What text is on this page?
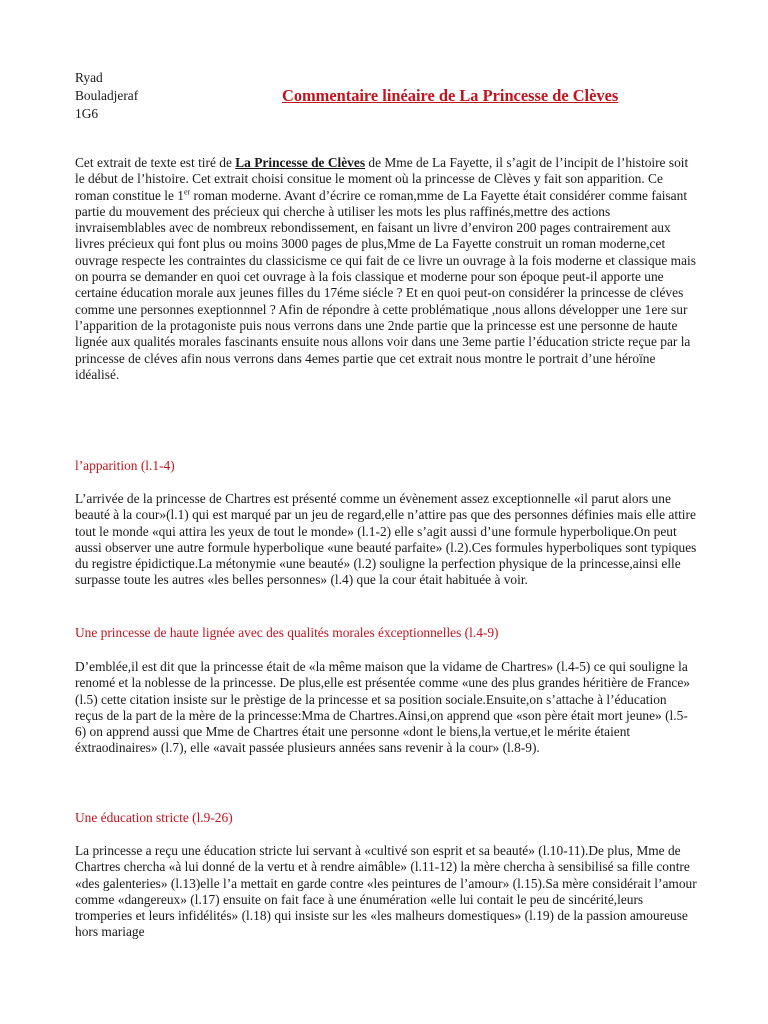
Ryad
Bouladjeraf
1G6
Commentaire linéaire de La Princesse de Clèves
Cet extrait de texte est tiré de La Princesse de Clèves de Mme de La Fayette, il s’agit de l’incipit de l’histoire soit le début de l’histoire. Cet extrait choisi consitue le moment où la princesse de Clèves y fait son apparition. Ce roman constitue le 1er roman moderne. Avant d’écrire ce roman,mme de La Fayette était considérer comme faisant partie du mouvement des précieux qui cherche à utiliser les mots les plus raffinés,mettre des actions invraisemblables avec de nombreux rebondissement, en faisant un livre d’environ 200 pages contrairement aux livres précieux qui font plus ou moins 3000 pages de plus,Mme de La Fayette construit un roman moderne,cet ouvrage respecte les contraintes du classicisme ce qui fait de ce livre un ouvrage à la fois moderne et classique mais on pourra se demander en quoi cet ouvrage à la fois classique et moderne pour son époque peut-il apporte une certaine éducation morale aux jeunes filles du 17éme siécle ? Et en quoi peut-on considérer la princesse de cléves comme une personnes exeptionnnel ? Afin de répondre à cette problématique ,nous allons développer une 1ere sur l’apparition de la protagoniste puis nous verrons dans une 2nde partie que la princesse est une personne de haute lignée aux qualités morales fascinants ensuite nous allons voir dans une 3eme partie l’éducation stricte reçue par la princesse de cléves afin nous verrons dans 4emes partie que cet extrait nous montre le portrait d’une héroïne idéalisé.
l’apparition (l.1-4)
L’arrivée de la princesse de Chartres est présenté comme un évènement assez exceptionnelle «il parut alors une beauté à la cour»(l.1) qui est marqué par un jeu de regard,elle n’attire pas que des personnes définies mais elle attire tout le monde «qui attira les yeux de tout le monde» (l.1-2) elle s’agit aussi d’une formule hyperbolique.On peut aussi observer une autre formule hyperbolique «une beauté parfaite» (l.2).Ces formules hyperboliques sont typiques du registre épidictique.La métonymie «une beauté» (l.2) souligne la perfection physique de la princesse,ainsi elle surpasse toute les autres «les belles personnes» (l.4) que la cour était habituée à voir.
Une princesse de haute lignée avec des qualités morales éxceptionnelles (l.4-9)
D’emblée,il est dit que la princesse était de «la même maison que la vidame de Chartres» (l.4-5) ce qui souligne la renomé et la noblesse de la princesse. De plus,elle est présentée comme «une des plus grandes héritière de France» (l.5) cette citation insiste sur le prèstige de la princesse et sa position sociale.Ensuite,on s’attache à l’éducation reçus de la part de la mère de la princesse:Mma de Chartres.Ainsi,on apprend que «son père était mort jeune» (l.5-6) on apprend aussi que Mme de Chartres était une personne «dont le biens,la vertue,et le mérite étaient éxtraodinaires» (l.7), elle «avait passée plusieurs années sans revenir à la cour» (l.8-9).
Une éducation stricte (l.9-26)
La princesse a reçu une éducation stricte lui servant à «cultivé son esprit et sa beauté» (l.10-11).De plus, Mme de Chartres chercha «à lui donné de la vertu et à rendre aimâble» (l.11-12) la mère chercha à sensibilisé sa fille contre «des galenteries» (l.13)elle l’a mettait en garde contre «les peintures de l’amour» (l.15).Sa mère considérait l’amour comme «dangereux» (l.17) ensuite on fait face à une énumération «elle lui contait le peu de sincérité,leurs tromperies et leurs infidélités» (l.18) qui insiste sur les «les malheurs domestiques» (l.19) de la passion amoureuse hors mariage
